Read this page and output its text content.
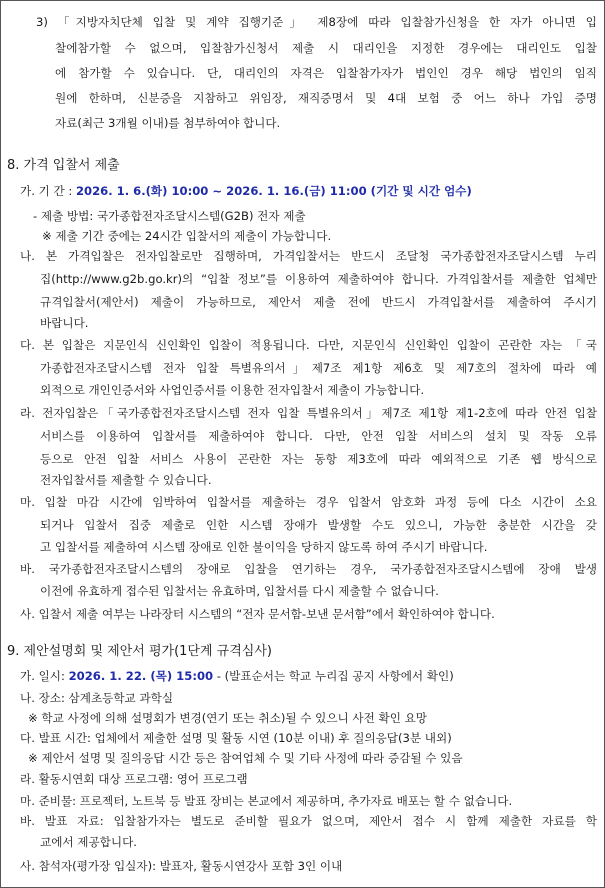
3) 「지방자치단체 입찰 및 계약 집행기준」 제8장에 따라 입찰참가신청을 한 자가 아니면 입
찰에참가할 수 없으며, 입찰참가신청서 제출 시 대리인을 지정한 경우에는 대리인도 입찰
에 참가할 수 있습니다. 단, 대리인의 자격은 입찰참가자가 법인인 경우 해당 법인의 임직
원에 한하며, 신분증을 지참하고 위임장, 재직증명서 및 4대 보험 중 어느 하나 가입 증명
자료(최근 3개월 이내)를 첨부하여야 합니다.
8. 가격 입찰서 제출
가. 기 간 : 2026. 1. 6.(화) 10:00 ~ 2026. 1. 16.(금) 11:00 (기간 및 시간 엄수)
- 제출 방법: 국가종합전자조달시스템(G2B) 전자 제출
※ 제출 기간 중에는 24시간 입찰서의 제출이 가능합니다.
나. 본 가격입찰은 전자입찰로만 집행하며, 가격입찰서는 반드시 조달청 국가종합전자조달시스템 누리
집(http://www.g2b.go.kr)의 “입찰 정보”를 이용하여 제출하여야 합니다. 가격입찰서를 제출한 업체만
규격입찰서(제안서) 제출이 가능하므로, 제안서 제출 전에 반드시 가격입찰서를 제출하여 주시기
바랍니다.
다. 본 입찰은 지문인식 신인확인 입찰이 적용됩니다. 다만, 지문인식 신인확인 입찰이 곤란한 자는 「국
가종합전자조달시스템 전자 입찰 특별유의서」제7조 제1항 제6호 및 제7호의 절차에 따라 예
외적으로 개인인증서와 사업인증서를 이용한 전자입찰서 제출이 가능합니다.
라. 전자입찰은「국가종합전자조달시스템 전자 입찰 특별유의서」제7조 제1항 제1-2호에 따라 안전 입찰
서비스를 이용하여 입찰서를 제출하여야 합니다. 다만, 안전 입찰 서비스의 설치 및 작동 오류
등으로 안전 입찰 서비스 사용이 곤란한 자는 동항 제3호에 따라 예외적으로 기존 웹 방식으로
전자입찰서를 제출할 수 있습니다.
마. 입찰 마감 시간에 임박하여 입찰서를 제출하는 경우 입찰서 암호화 과정 등에 다소 시간이 소요
되거나 입찰서 집중 제출로 인한 시스템 장애가 발생할 수도 있으니, 가능한 충분한 시간을 갖
고 입찰서를 제출하여 시스템 장애로 인한 불이익을 당하지 않도록 하여 주시기 바랍니다.
바. 국가종합전자조달시스템의 장애로 입찰을 연기하는 경우, 국가종합전자조달시스템에 장애 발생
이전에 유효하게 접수된 입찰서는 유효하며, 입찰서를 다시 제출할 수 없습니다.
사. 입찰서 제출 여부는 나라장터 시스템의 “전자 문서함-보낸 문서함”에서 확인하여야 합니다.
9. 제안설명회 및 제안서 평가(1단계 규격심사)
가. 일시: 2026. 1. 22. (목) 15:00 - (발표순서는 학교 누리집 공지 사항에서 확인)
나. 장소: 삼계초등학교 과학실
※ 학교 사정에 의해 설명회가 변경(연기 또는 취소)될 수 있으니 사전 확인 요망
다. 발표 시간: 업체에서 제출한 설명 및 활동 시연 (10분 이내) 후 질의응답(3분 내외)
※ 제안서 설명 및 질의응답 시간 등은 참여업체 수 및 기타 사정에 따라 증감될 수 있음
라. 활동시연회 대상 프로그램: 영어 프로그램
마. 준비물: 프로젝터, 노트북 등 발표 장비는 본교에서 제공하며, 추가자료 배포는 할 수 없습니다.
바. 발표 자료: 입찰참가자는 별도로 준비할 필요가 없으며, 제안서 접수 시 함께 제출한 자료를 학
교에서 제공합니다.
사. 참석자(평가장 입실자): 발표자, 활동시연강사 포함 3인 이내
